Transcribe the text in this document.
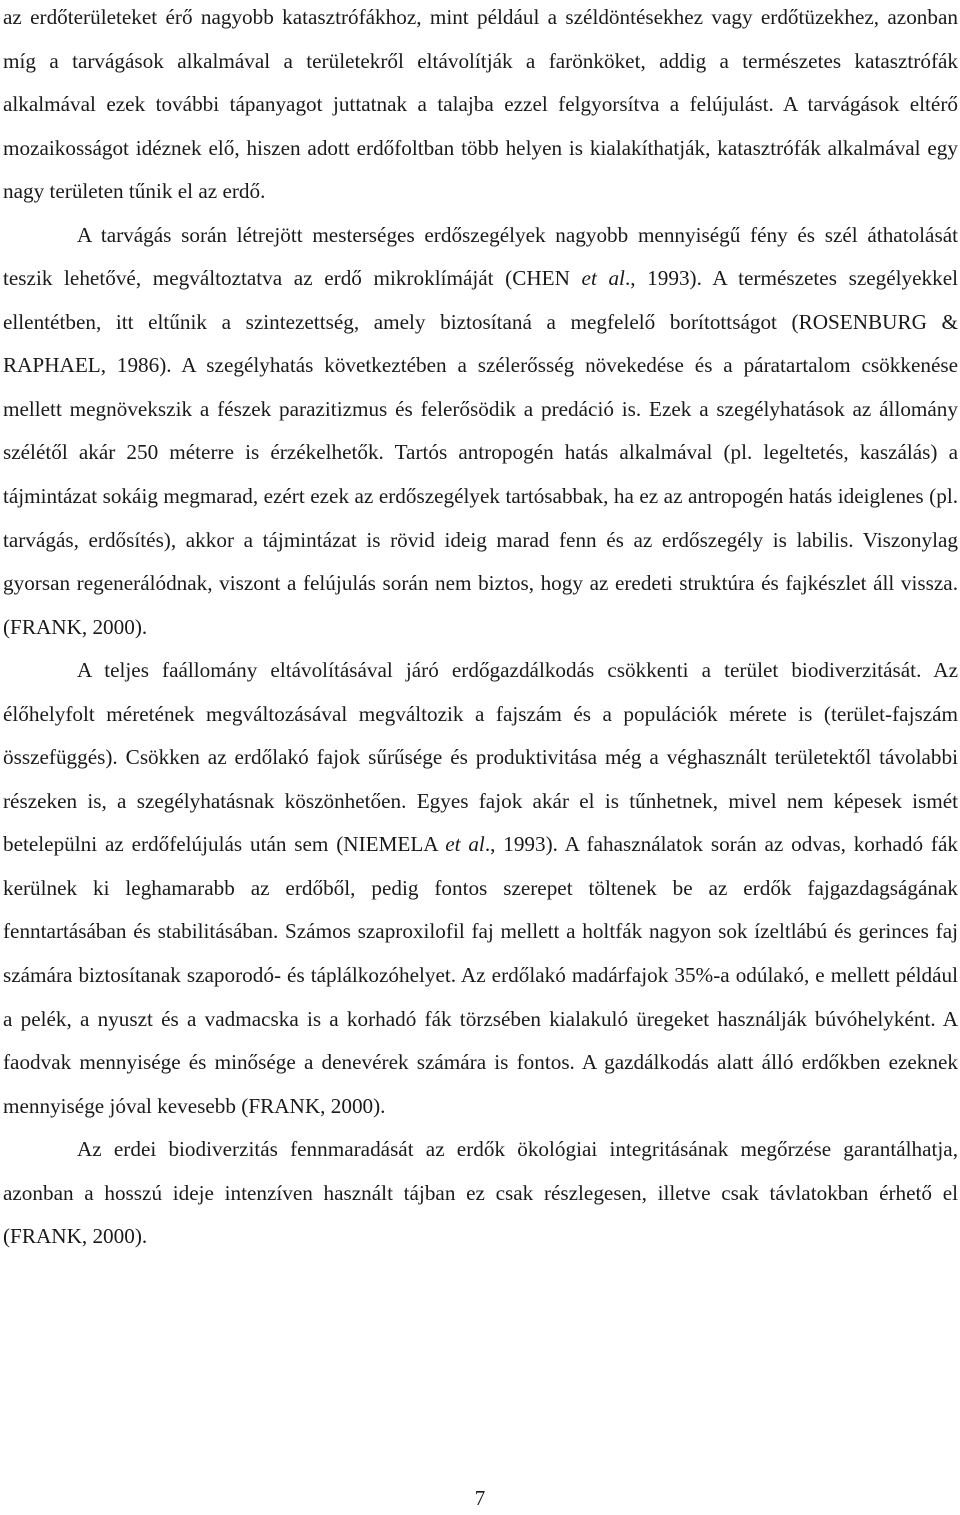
az erdőterületeket érő nagyobb katasztrófákhoz, mint például a széldöntésekhez vagy erdőtüzekhez, azonban míg a tarvágások alkalmával a területekről eltávolítják a farönköket, addig a természetes katasztrófák alkalmával ezek további tápanyagot juttatnak a talajba ezzel felgyorsítva a felújulást. A tarvágások eltérő mozaikosságot idéznek elő, hiszen adott erdőfoltban több helyen is kialakíthatják, katasztrófák alkalmával egy nagy területen tűnik el az erdő.

A tarvágás során létrejött mesterséges erdőszegélyek nagyobb mennyiségű fény és szél áthatolását teszik lehetővé, megváltoztatva az erdő mikroklímáját (CHEN et al., 1993). A természetes szegélyekkel ellentétben, itt eltűnik a szintezettség, amely biztosítaná a megfelelő borítottságot (ROSENBURG & RAPHAEL, 1986). A szegélyhatás következtében a szélerősség növekedése és a páratartalom csökkenése mellett megnövekszik a fészek parazitizmus és felerősödik a predáció is. Ezek a szegélyhatások az állomány szélétől akár 250 méterre is érzékelhetők. Tartós antropogén hatás alkalmával (pl. legeltetés, kaszálás) a tájmintázat sokáig megmarad, ezért ezek az erdőszegélyek tartósabbak, ha ez az antropogén hatás ideiglenes (pl. tarvágás, erdősítés), akkor a tájmintázat is rövid ideig marad fenn és az erdőszegély is labilis. Viszonylag gyorsan regenerálódnak, viszont a felújulás során nem biztos, hogy az eredeti struktúra és fajkészlet áll vissza. (FRANK, 2000).

A teljes faállomány eltávolításával járó erdőgazdálkodás csökkenti a terület biodiverzitását. Az élőhelyfolt méretének megváltozásával megváltozik a fajszám és a populációk mérete is (terület-fajszám összefüggés). Csökken az erdőlakó fajok sűrűsége és produktivitása még a véghasznált területektől távolabbi részeken is, a szegélyhatásnak köszönhetően. Egyes fajok akár el is tűnhetnek, mivel nem képesek ismét betelepülni az erdőfelújulás után sem (NIEMELA et al., 1993). A fahasználatok során az odvas, korhadó fák kerülnek ki leghamarabb az erdőből, pedig fontos szerepet töltenek be az erdők fajgazdagságának fenntartásában és stabilitásában. Számos szaproxilofil faj mellett a holtfák nagyon sok ízeltlábú és gerinces faj számára biztosítanak szaporodó- és táplálkozóhelyet. Az erdőlakó madárfajok 35%-a odúlakó, e mellett például a pelék, a nyuszt és a vadmacska is a korhadó fák törzsében kialakuló üregeket használják búvóhelyként. A faodvak mennyisége és minősége a denevérek számára is fontos. A gazdálkodás alatt álló erdőkben ezeknek mennyisége jóval kevesebb (FRANK, 2000).

Az erdei biodiverzitás fennmaradását az erdők ökológiai integritásának megőrzése garantálhatja, azonban a hosszú ideje intenzíven használt tájban ez csak részlegesen, illetve csak távlatokban érhető el (FRANK, 2000).

7
